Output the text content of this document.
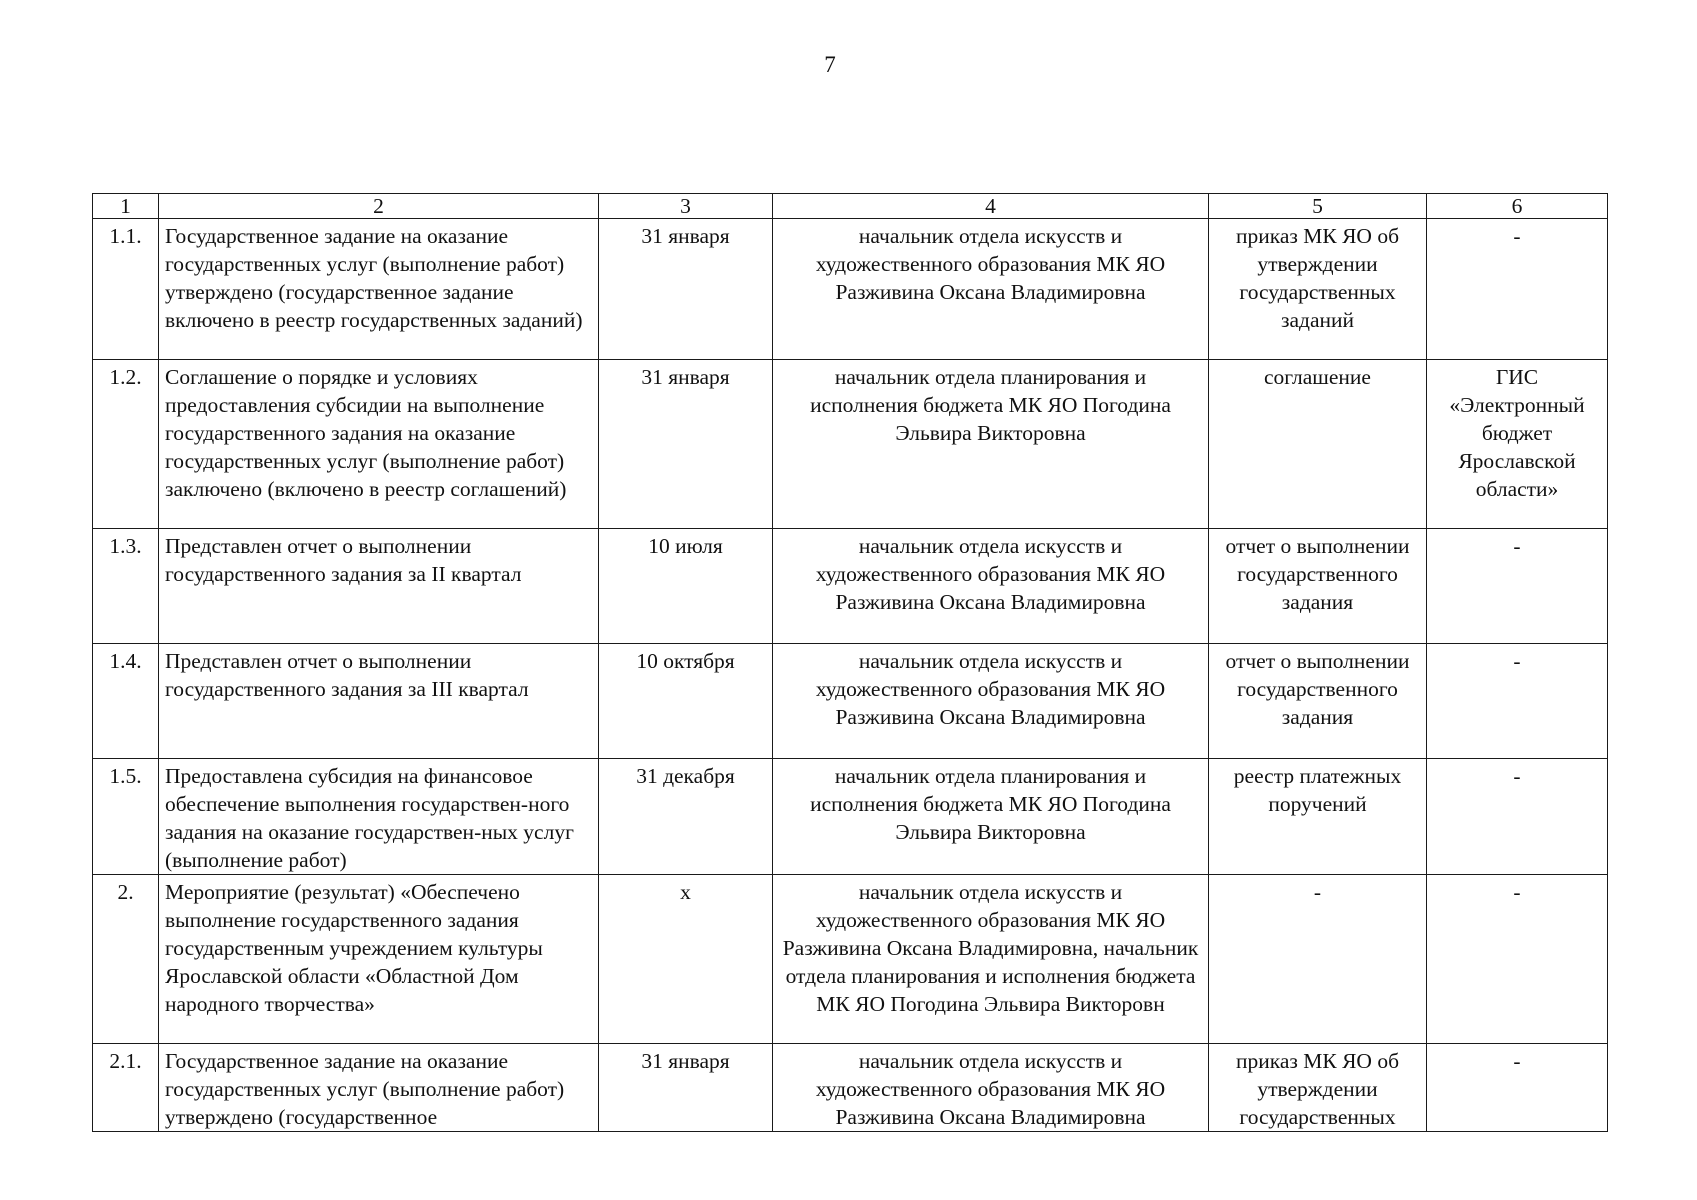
7
1	2	3	4	5	6
1.1.	Государственное задание на оказание государственных услуг (выполнение работ) утверждено (государственное задание включено в реестр государственных заданий)	31 января	начальник отдела искусств и художественного образования МК ЯО Разживина Оксана Владимировна	приказ МК ЯО об утверждении государственных заданий	-
1.2.	Соглашение о порядке и условиях предоставления субсидии на выполнение государственного задания на оказание государственных услуг (выполнение работ) заключено (включено в реестр соглашений)	31 января	начальник отдела планирования и исполнения бюджета МК ЯО Погодина Эльвира Викторовна	соглашение	ГИС «Электронный бюджет Ярославской области»
1.3.	Представлен отчет о выполнении государственного задания за II квартал	10 июля	начальник отдела искусств и художественного образования МК ЯО Разживина Оксана Владимировна	отчет о выполнении государственного задания	-
1.4.	Представлен отчет о выполнении государственного задания за III квартал	10 октября	начальник отдела искусств и художественного образования МК ЯО Разживина Оксана Владимировна	отчет о выполнении государственного задания	-
1.5.	Предоставлена субсидия на финансовое обеспечение выполнения государствен-ного задания на оказание государствен-ных услуг (выполнение работ)	31 декабря	начальник отдела планирования и исполнения бюджета МК ЯО Погодина Эльвира Викторовна	реестр платежных поручений	-
2.	Мероприятие (результат) «Обеспечено выполнение государственного задания государственным учреждением культуры Ярославской области «Областной Дом народного творчества»	х	начальник отдела искусств и художественного образования МК ЯО Разживина Оксана Владимировна, начальник отдела планирования и исполнения бюджета МК ЯО Погодина Эльвира Викторовн	-	-
2.1.	Государственное задание на оказание государственных услуг (выполнение работ) утверждено (государственное	31 января	начальник отдела искусств и художественного образования МК ЯО Разживина Оксана Владимировна	приказ МК ЯО об утверждении государственных	-
